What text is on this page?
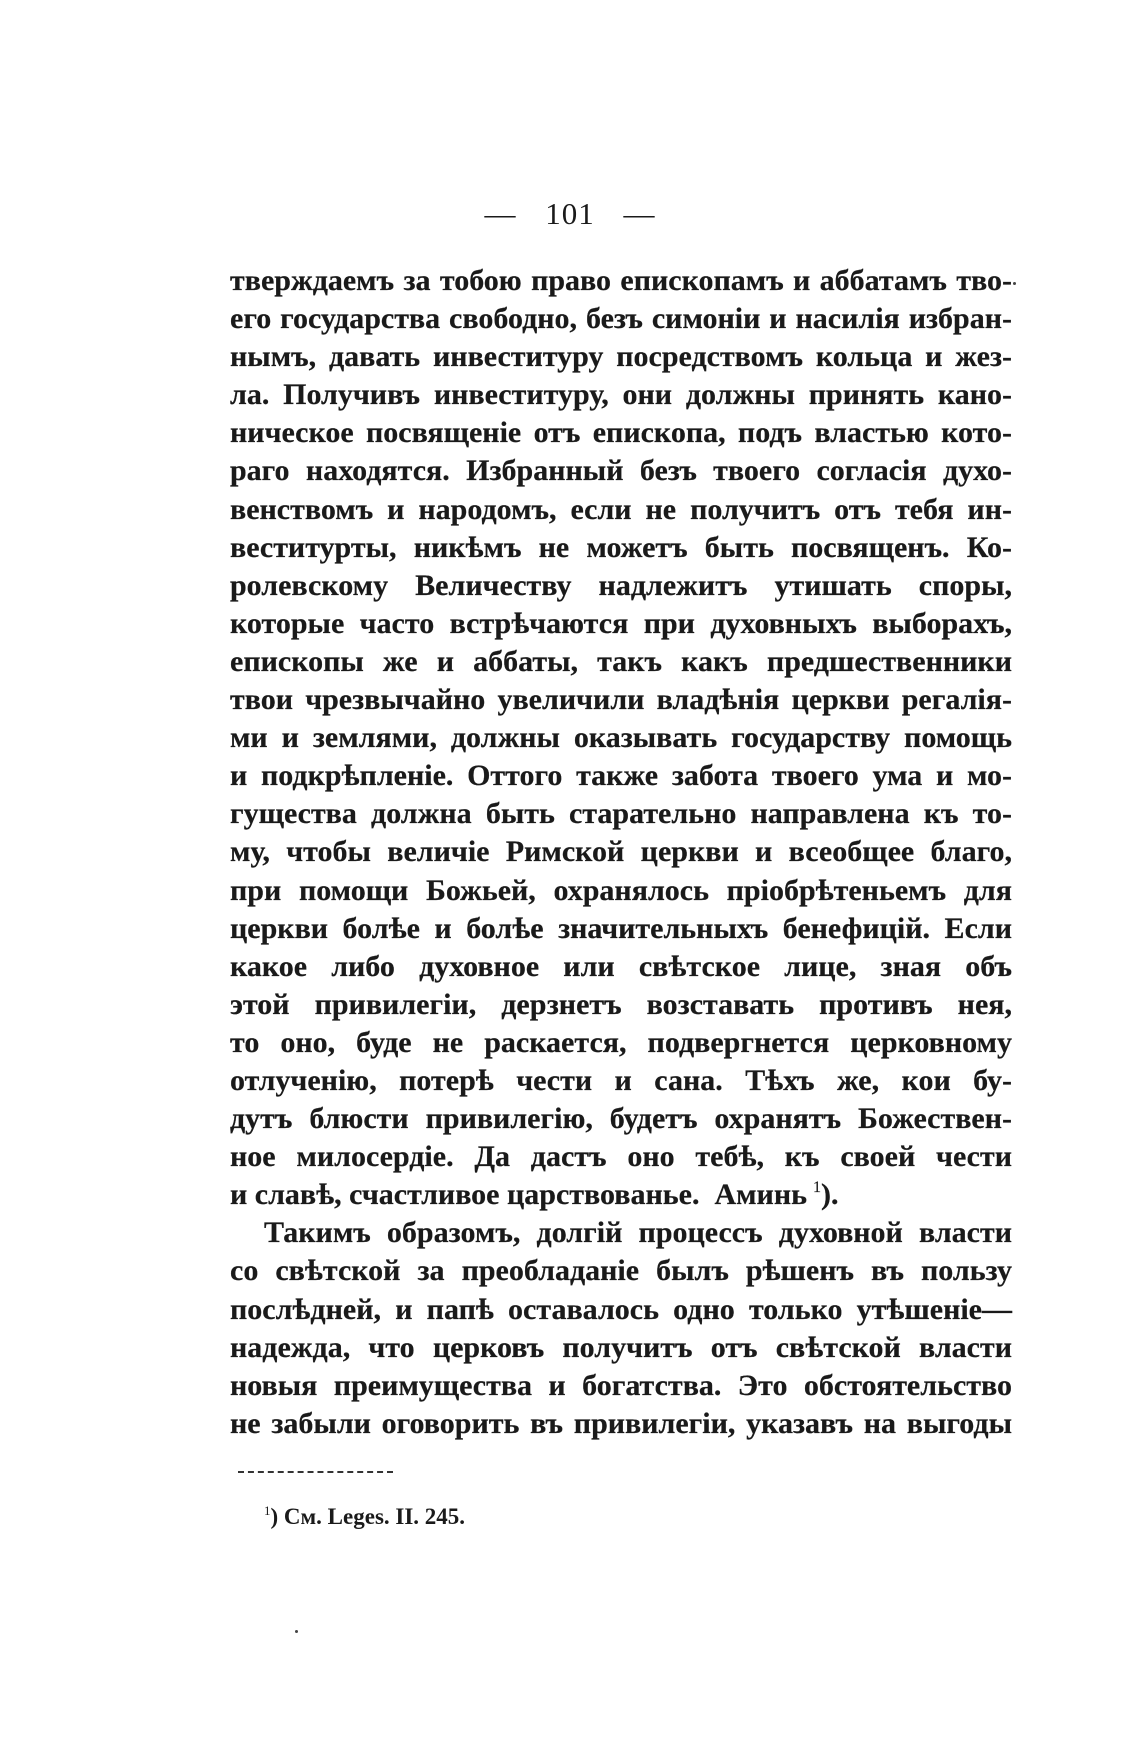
— 101 —
тверждаемъ за тобою право епископамъ и аббатамъ тво-
его государства свободно, безъ симоніи и насилія избран-
нымъ, давать инвеституру посредствомъ кольца и жез-
ла. Получивъ инвеституру, они должны принять кано-
ническое посвященіе отъ епископа, подъ властью кото-
раго находятся. Избранный безъ твоего согласія духо-
венствомъ и народомъ, если не получитъ отъ тебя ин-
веститурты, никѣмъ не можетъ быть посвященъ. Ко-
ролевскому Величеству надлежитъ утишать споры,
которые часто встрѣчаются при духовныхъ выборахъ,
епископы же и аббаты, такъ какъ предшественники
твои чрезвычайно увеличили владѣнія церкви регалія-
ми и землями, должны оказывать государству помощь
и подкрѣпленіе. Оттого также забота твоего ума и мо-
гущества должна быть старательно направлена къ то-
му, чтобы величіе Римской церкви и всеобщее благо,
при помощи Божьей, охранялось пріобрѣтеньемъ для
церкви болѣе и болѣе значительныхъ бенефицій. Если
какое либо духовное или свѣтское лице, зная объ
этой привилегіи, дерзнетъ возставать противъ нея,
то оно, буде не раскается, подвергнется церковному
отлученію, потерѣ чести и сана. Тѣхъ же, кои бу-
дутъ блюсти привилегію, будетъ охранятъ Божествен-
ное милосердіе. Да дастъ оно тебѣ, къ своей чести
и славѣ, счастливое царствованье.  Аминь $^1$).
Такимъ образомъ, долгій процессъ духовной власти
со свѣтской за преобладаніе былъ рѣшенъ въ пользу
послѣдней, и папѣ оставалось одно только утѣшеніе—
надежда, что церковъ получитъ отъ свѣтской власти
новыя преимущества и богатства. Это обстоятельство
не забыли оговорить въ привилегіи, указавъ на выгоды
$^1$) См. Leges. II. 245.
